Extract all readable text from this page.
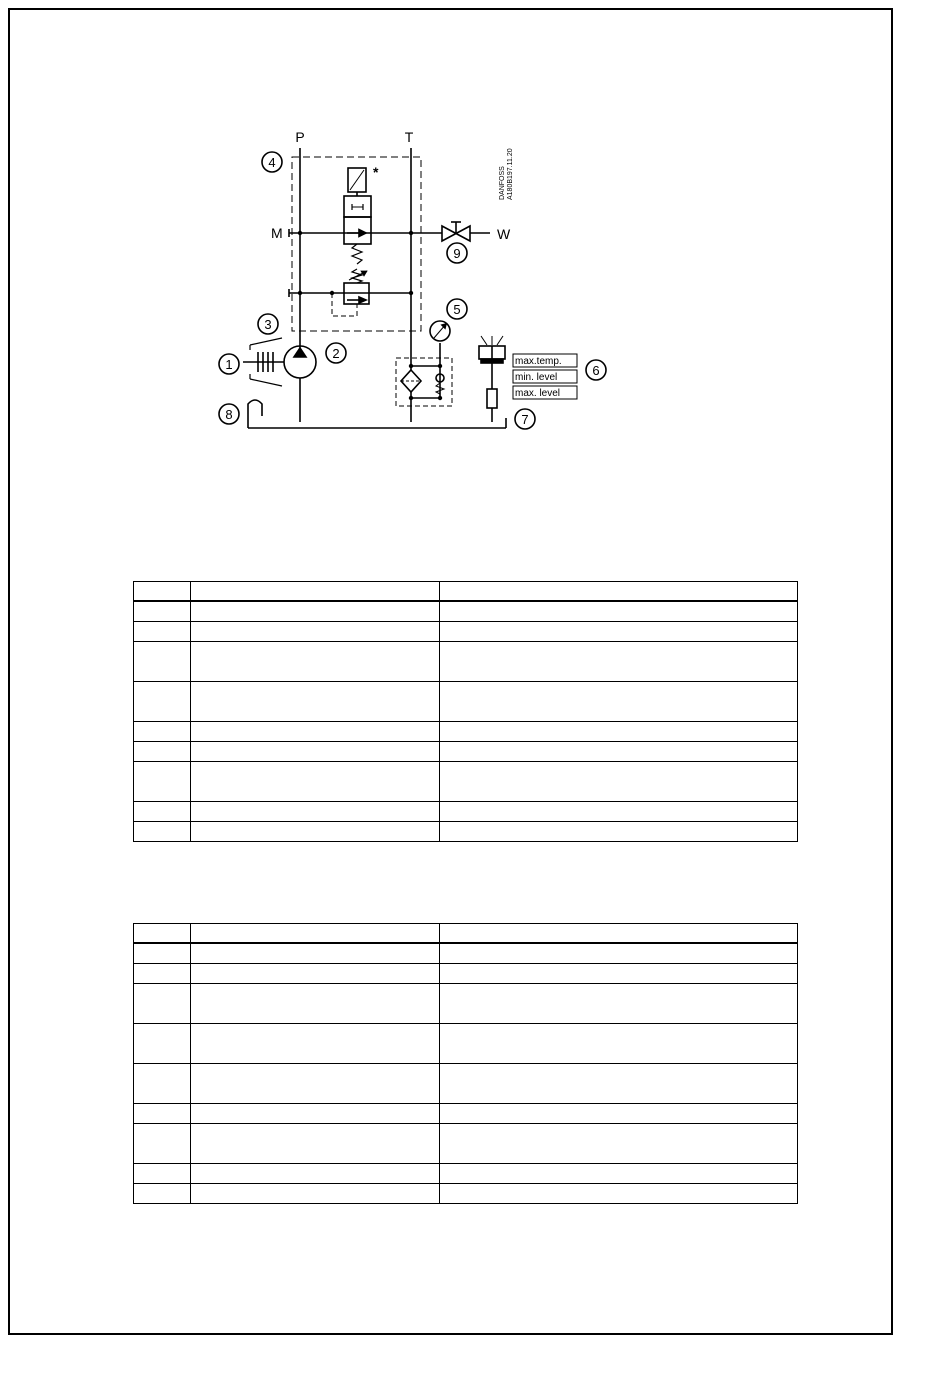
P	T
M	W
*
1
2
3
4
5
6
7
8
9
max.temp.
min. level
max. level
DANFOSS A180B197.11.20
